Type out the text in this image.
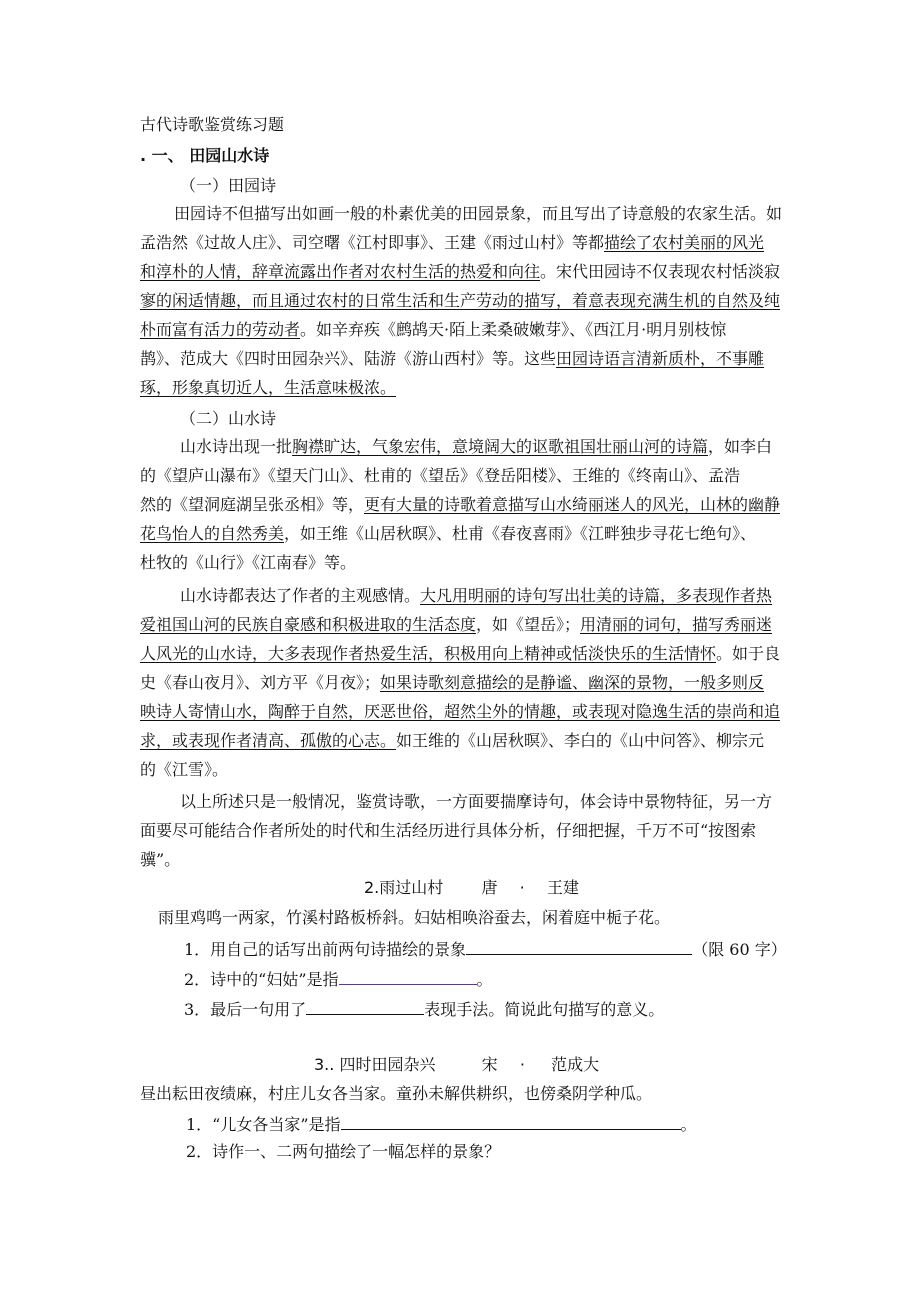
古代诗歌鉴赏练习题
. 一、 田园山水诗
（一）田园诗
田园诗不但描写出如画一般的朴素优美的田园景象，而且写出了诗意般的农家生活。如
孟浩然《过故人庄》、司空曙《江村即事》、王建《雨过山村》等都描绘了农村美丽的风光
和淳朴的人情，辞章流露出作者对农村生活的热爱和向往。宋代田园诗不仅表现农村恬淡寂
寥的闲适情趣，而且通过农村的日常生活和生产劳动的描写，着意表现充满生机的自然及纯
朴而富有活力的劳动者。如辛弃疾《鹧鸪天·陌上柔桑破嫩芽》、《西江月·明月别枝惊
鹊》、范成大《四时田园杂兴》、陆游《游山西村》等。这些田园诗语言清新质朴，不事雕
琢，形象真切近人，生活意味极浓。
（二）山水诗
山水诗出现一批胸襟旷达，气象宏伟，意境阔大的讴歌祖国壮丽山河的诗篇，如李白
的《望庐山瀑布》《望天门山》、杜甫的《望岳》《登岳阳楼》、王维的《终南山》、孟浩
然的《望洞庭湖呈张丞相》等，更有大量的诗歌着意描写山水绮丽迷人的风光，山林的幽静
花鸟怡人的自然秀美，如王维《山居秋暝》、杜甫《春夜喜雨》《江畔独步寻花七绝句》、
杜牧的《山行》《江南春》等。
山水诗都表达了作者的主观感情。大凡用明丽的诗句写出壮美的诗篇，多表现作者热
爱祖国山河的民族自豪感和积极进取的生活态度，如《望岳》；用清丽的词句，描写秀丽迷
人风光的山水诗，大多表现作者热爱生活，积极用向上精神或恬淡快乐的生活情怀。如于良
史《春山夜月》、刘方平《月夜》；如果诗歌刻意描绘的是静谧、幽深的景物，一般多则反
映诗人寄情山水，陶醉于自然，厌恶世俗，超然尘外的情趣，或表现对隐逸生活的崇尚和追
求，或表现作者清高、孤傲的心志。如王维的《山居秋暝》、李白的《山中问答》、柳宗元
的《江雪》。
以上所述只是一般情况，鉴赏诗歌，一方面要揣摩诗句，体会诗中景物特征，另一方
面要尽可能结合作者所处的时代和生活经历进行具体分析，仔细把握，千万不可“按图索
骥”。
2.雨过山村 唐 · 王建
雨里鸡鸣一两家，竹溪村路板桥斜。妇姑相唤浴蚕去，闲着庭中栀子花。
1．用自己的话写出前两句诗描绘的景象	（限 60 字）
2．诗中的“妇姑”是指	。
3．最后一句用了	表现手法。简说此句描写的意义。
3.. 四时田园杂兴	宋 · 范成大
昼出耘田夜绩麻，村庄儿女各当家。童孙未解供耕织，也傍桑阴学种瓜。
1．“儿女各当家”是指	。
2．诗作一、二两句描绘了一幅怎样的景象？
